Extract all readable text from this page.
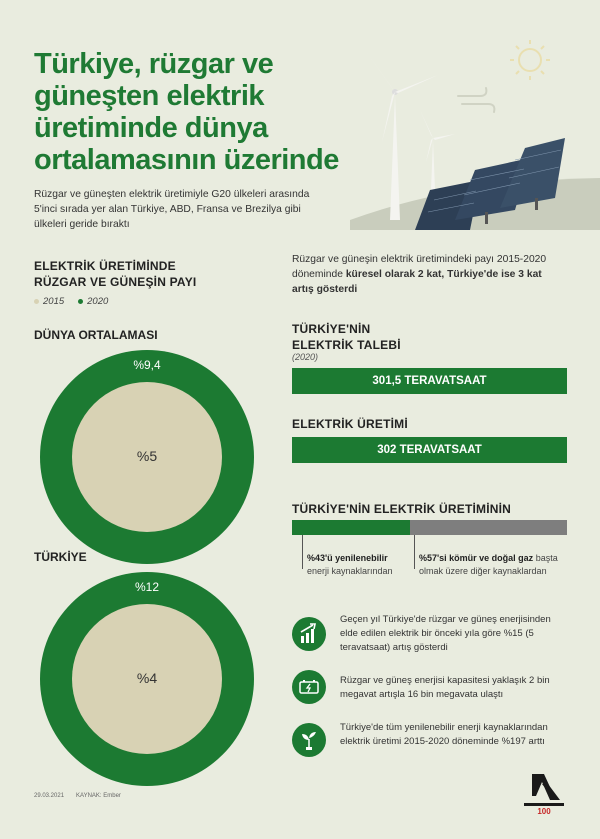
Türkiye, rüzgar ve güneşten elektrik üretiminde dünya ortalamasının üzerinde
Rüzgar ve güneşten elektrik üretimiyle G20 ülkeleri arasında 5'inci sırada yer alan Türkiye, ABD, Fransa ve Brezilya gibi ülkeleri geride bıraktı
ELEKTRİK ÜRETİMİNDE
RÜZGAR VE GÜNEŞİN PAYI
2015 2020
DÜNYA ORTALAMASI
%9,4
%5
TÜRKİYE
%12
%4
Rüzgar ve güneşin elektrik üretimindeki payı 2015-2020 döneminde küresel olarak 2 kat, Türkiye'de ise 3 kat artış gösterdi
TÜRKİYE'NİN
ELEKTRİK TALEBİ
(2020)
301,5 TERAVATSAAT
ELEKTRİK ÜRETİMİ
302 TERAVATSAAT
TÜRKİYE'NİN ELEKTRİK ÜRETİMİNİN
%43'ü yenilenebilir
enerji kaynaklarından
%57'si kömür ve doğal gaz başta
olmak üzere diğer kaynaklardan
Geçen yıl Türkiye'de rüzgar ve güneş enerjisinden elde edilen elektrik bir önceki yıla göre %15 (5 teravatsaat) artış gösterdi
Rüzgar ve güneş enerjisi kapasitesi yaklaşık 2 bin megavat artışla 16 bin megavata ulaştı
Türkiye'de tüm yenilenebilir enerji kaynaklarından elektrik üretimi 2015-2020 döneminde %197 arttı
29.03.2021 KAYNAK: Ember
100
